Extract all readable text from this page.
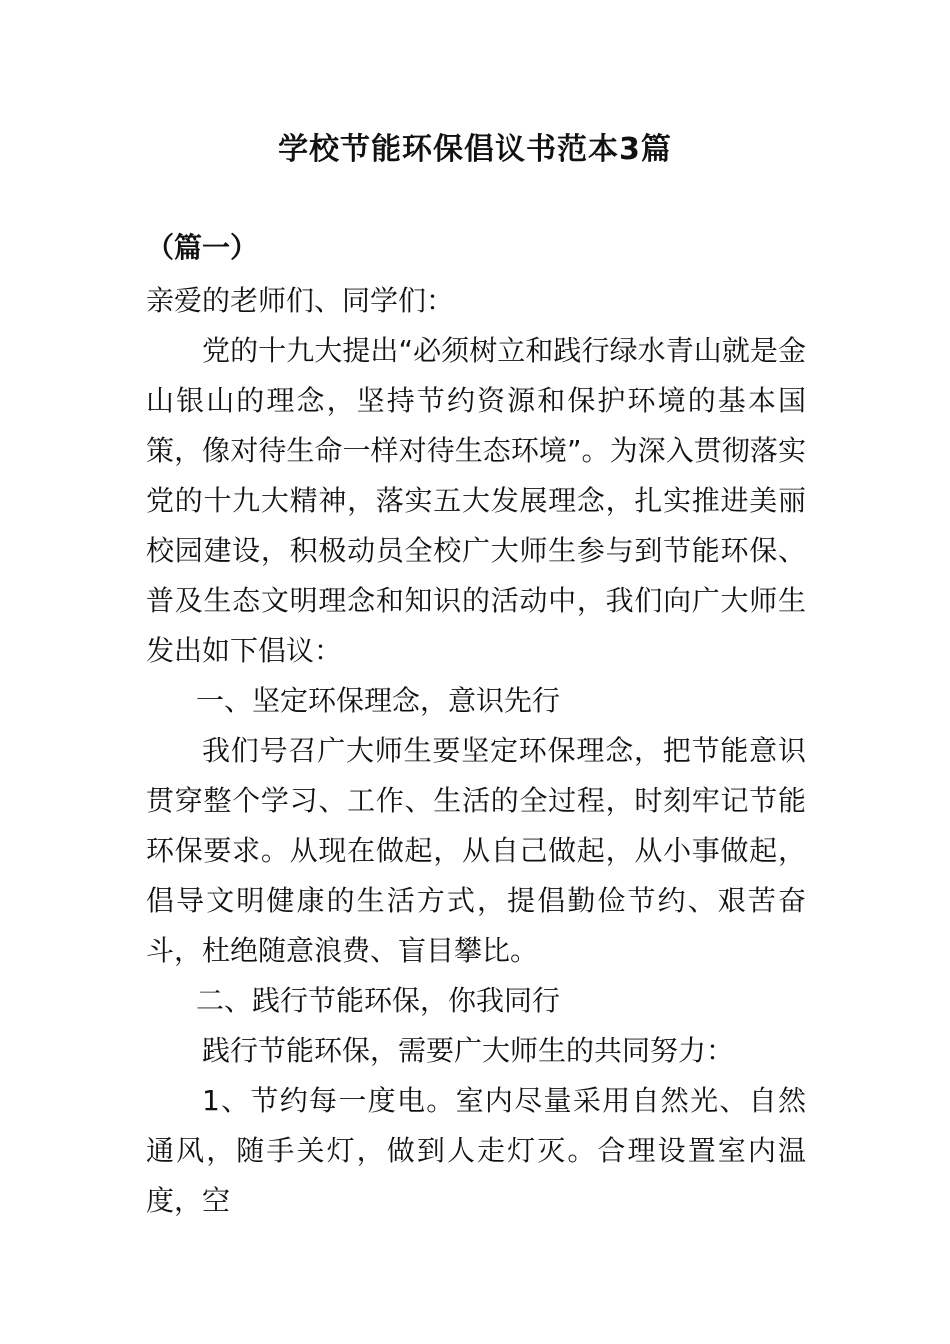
学校节能环保倡议书范本3篇
（篇一）

亲爱的老师们、同学们：

党的十九大提出“必须树立和践行绿水青山就是金山银山的理念，坚持节约资源和保护环境的基本国策，像对待生命一样对待生态环境”。为深入贯彻落实党的十九大精神，落实五大发展理念，扎实推进美丽校园建设，积极动员全校广大师生参与到节能环保、普及生态文明理念和知识的活动中，我们向广大师生发出如下倡议：

一、坚定环保理念，意识先行

我们号召广大师生要坚定环保理念，把节能意识贯穿整个学习、工作、生活的全过程，时刻牢记节能环保要求。从现在做起，从自己做起，从小事做起，倡导文明健康的生活方式，提倡勤俭节约、艰苦奋斗，杜绝随意浪费、盲目攀比。

二、践行节能环保，你我同行

践行节能环保，需要广大师生的共同努力：

1、节约每一度电。室内尽量采用自然光、自然通风，随手关灯，做到人走灯灭。合理设置室内温度，空
